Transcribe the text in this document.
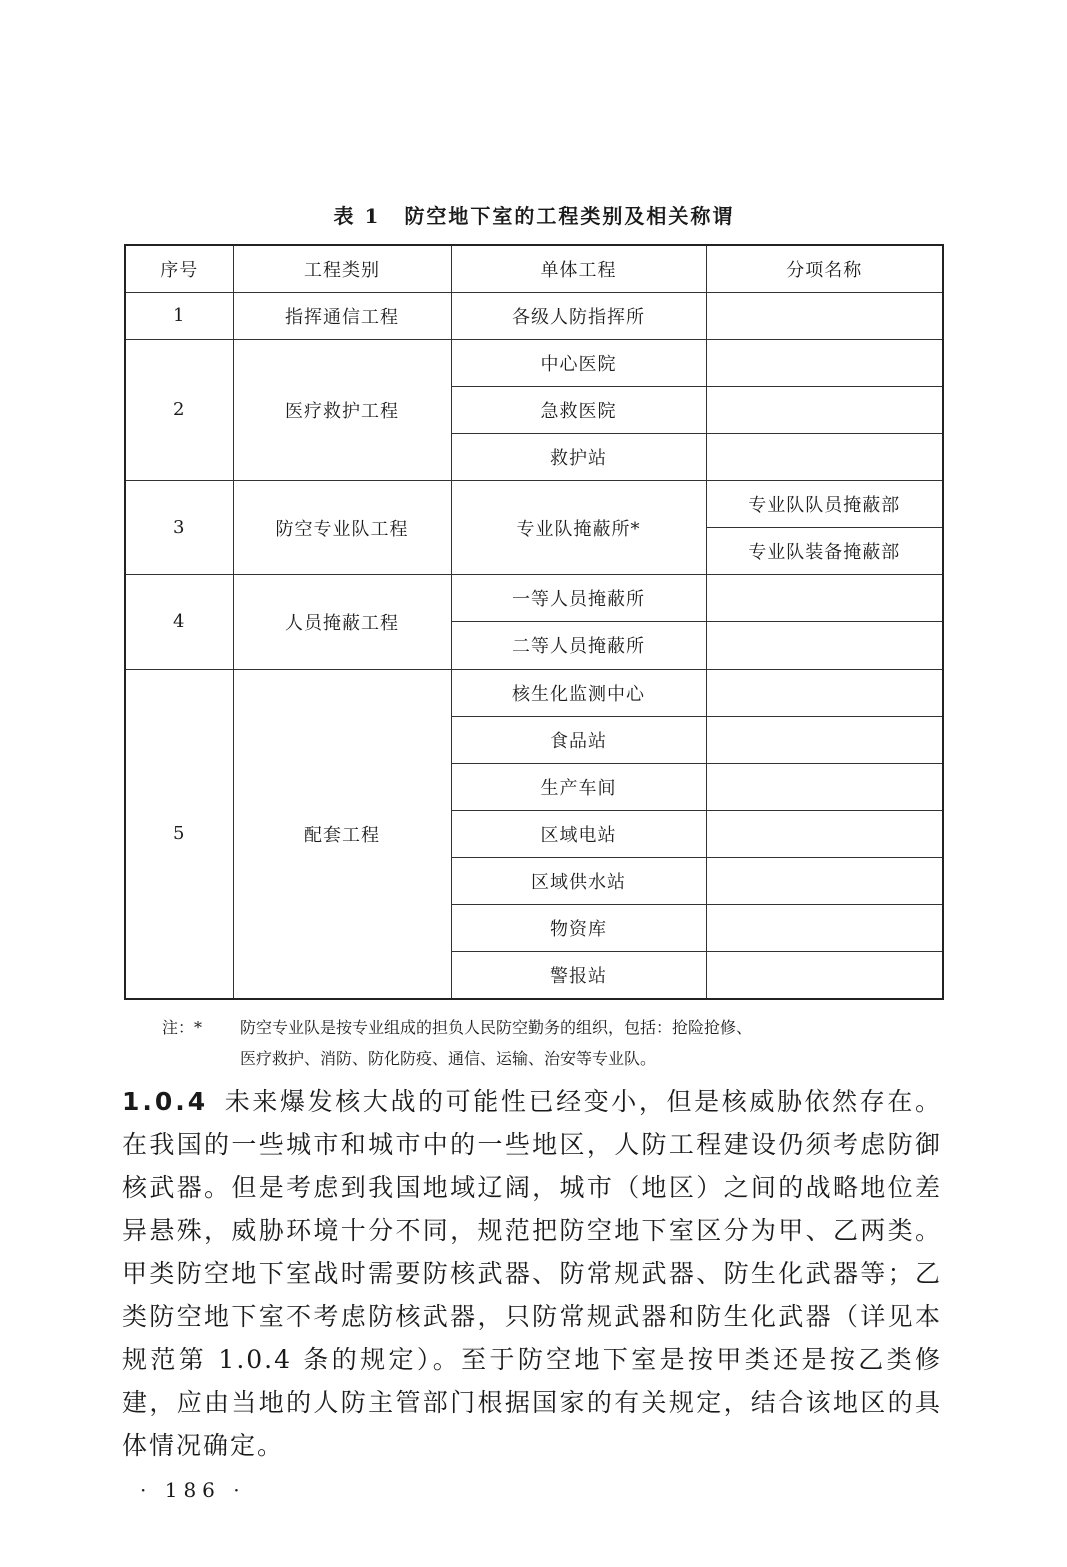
表 1 防空地下室的工程类别及相关称谓
序号	工程类别	单体工程	分项名称
1	指挥通信工程	各级人防指挥所	
2	医疗救护工程	中心医院	
		急救医院	
		救护站	
3	防空专业队工程	专业队掩蔽所*	专业队队员掩蔽部
			专业队装备掩蔽部
4	人员掩蔽工程	一等人员掩蔽所	
		二等人员掩蔽所	
5	配套工程	核生化监测中心	
		食品站	
		生产车间	
		区域电站	
		区域供水站	
		物资库	
		警报站	
注：* 防空专业队是按专业组成的担负人民防空勤务的组织，包括：抢险抢修、
医疗救护、消防、防化防疫、通信、运输、治安等专业队。
1.0.4 未来爆发核大战的可能性已经变小，但是核威胁依然存在。在我国的一些城市和城市中的一些地区，人防工程建设仍须考虑防御核武器。但是考虑到我国地域辽阔，城市（地区）之间的战略地位差异悬殊，威胁环境十分不同，规范把防空地下室区分为甲、乙两类。甲类防空地下室战时需要防核武器、防常规武器、防生化武器等；乙类防空地下室不考虑防核武器，只防常规武器和防生化武器（详见本规范第 1.0.4 条的规定）。至于防空地下室是按甲类还是按乙类修建，应由当地的人防主管部门根据国家的有关规定，结合该地区的具体情况确定。
· 186 ·
